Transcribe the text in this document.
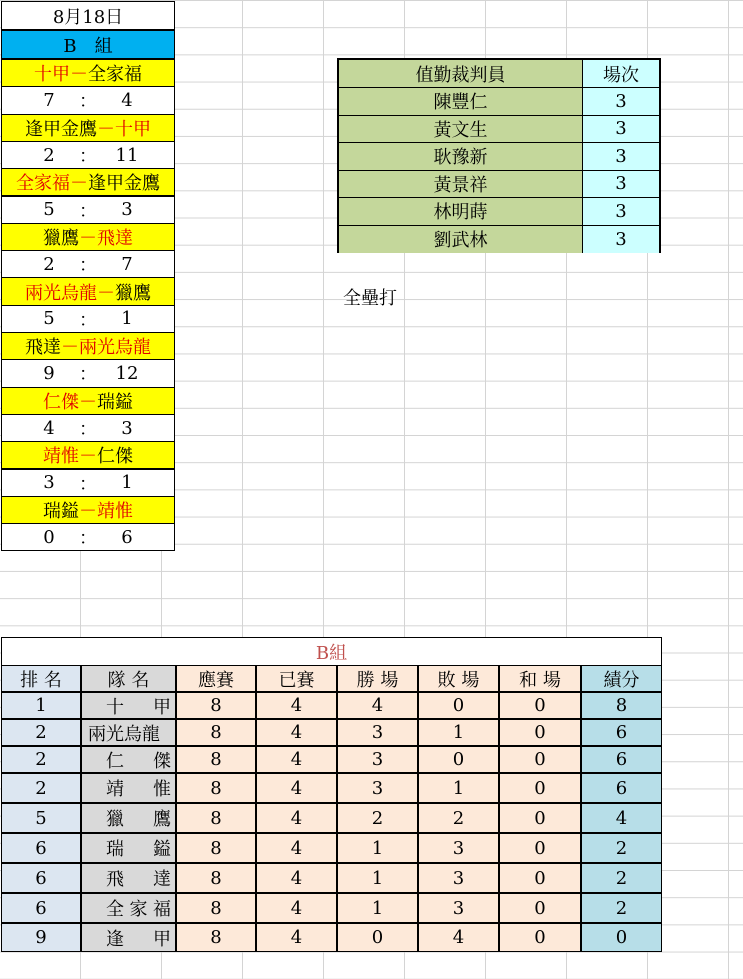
8月18日
B　組
十甲 － 全家福
7	：	4
逢甲金鷹 － 十甲
2	：	11
全家福 － 逢甲金鷹
5	：	3
獵鷹 － 飛達
2	：	7
兩光烏龍 － 獵鷹
5	：	1
飛達 － 兩光烏龍
9	：	12
仁傑 － 瑞鎰
4	：	3
靖惟 － 仁傑
3	：	1
瑞鎰 － 靖惟
0	：	6
值勤裁判員	場次
陳豐仁	3
黃文生	3
耿豫新	3
黃景祥	3
林明蒔	3
劉武林	3
全壘打
B組
排 名	隊 名	應賽	已賽	勝 場	敗 場	和 場	績分
1	十 甲	8	4	4	0	0	8
2	兩光烏龍	8	4	3	1	0	6
2	仁 傑	8	4	3	0	0	6
2	靖 惟	8	4	3	1	0	6
5	獵 鷹	8	4	2	2	0	4
6	瑞 鎰	8	4	1	3	0	2
6	飛 達	8	4	1	3	0	2
6	全 家 福	8	4	1	3	0	2
9	逢 甲	8	4	0	4	0	0
